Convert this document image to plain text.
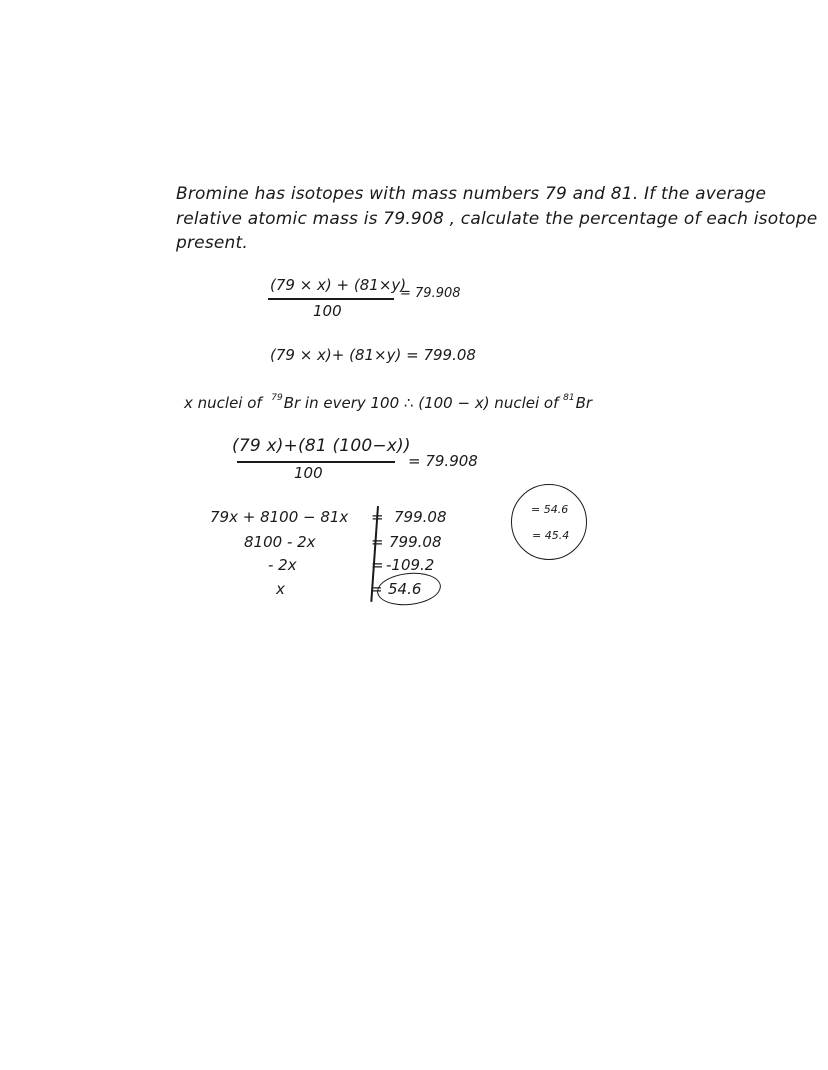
Bromine has isotopes with mass numbers 79 and 81. If the average
relative atomic mass is 79.908 , calculate the percentage of each isotope
present.
(79 × x) + (81×y)
100
= 79.908
(79 × x)+ (81×y) = 799.08
x nuclei of $^{79}$Br in every 100 ∴ (100 − x) nuclei of $^{81}$Br
(79 x)+(81 (100−x))
100
= 79.908
79x + 8100 − 81x
8100 - 2x
- 2x
x
=
=
=
=
799.08
799.08
-109.2
54.6
= 54.6
= 45.4
